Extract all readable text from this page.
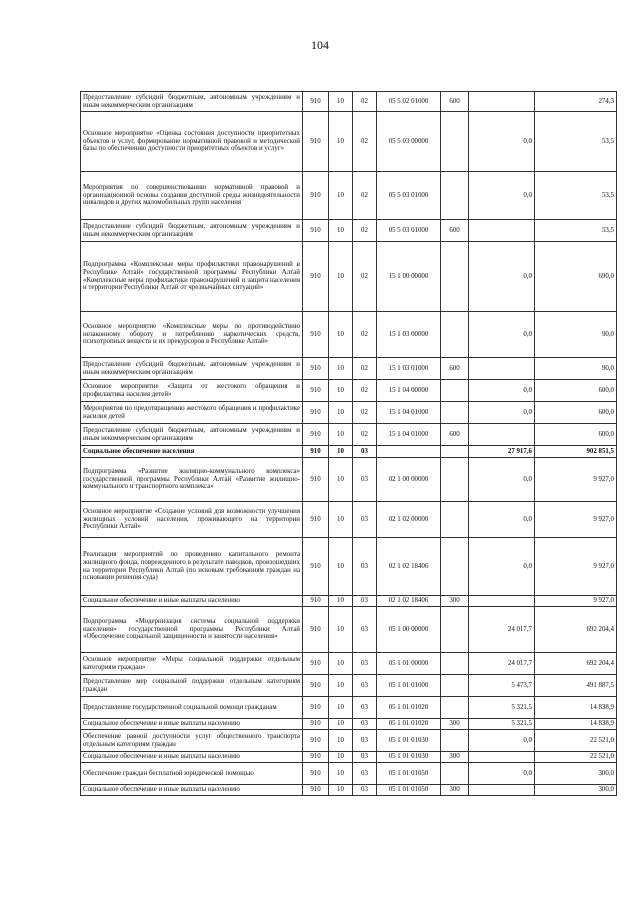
104
Предоставление субсидий бюджетным, автономным учреждениям и иным некоммерческим организациям	910	10	02	05 5 02 01000	600		274,3
Основное мероприятие «Оценка состояния доступности приоритетных объектов и услуг, формирование нормативной правовой и методической базы по обеспечению доступности приоритетных объектов и услуг»	910	10	02	05 5 03 00000		0,0	53,5
Мероприятия по совершенствованию нормативной правовой и организационной основы создания доступной среды жизнедеятельности инвалидов и других маломобильных групп населения	910	10	02	05 5 03 01000		0,0	53,5
Предоставление субсидий бюджетным, автономным учреждениям и иным некоммерческим организациям	910	10	02	05 5 03 01000	600		53,5
Подпрограмма «Комплексные меры профилактики правонарушений в Республике Алтай» государственной программы Республики Алтай «Комплексные меры профилактики правонарушений и защита населения и территории Республики Алтай от чрезвычайных ситуаций»	910	10	02	15 1 00 00000		0,0	690,0
Основное мероприятие «Комплексные меры по противодействию незаконному обороту и потреблению наркотических средств, психотропных веществ и их прекурсоров в Республике Алтай»	910	10	02	15 1 03 00000		0,0	90,0
Предоставление субсидий бюджетным, автономным учреждениям и иным некоммерческим организациям	910	10	02	15 1 03 01000	600		90,0
Основное мероприятие «Защита от жестокого обращения и профилактика насилия детей»	910	10	02	15 1 04 00000		0,0	600,0
Мероприятия по предотвращению жестокого обращения и профилактике насилия детей	910	10	02	15 1 04 01000		0,0	600,0
Предоставление субсидий бюджетным, автономным учреждениям и иным некоммерческим организациям	910	10	02	15 1 04 01000	600		600,0
Социальное обеспечение населения	910	10	03			27 917,6	902 851,5
Подпрограмма «Развитие жилищно-коммунального комплекса» государственной программы Республики Алтай «Развитие жилищно-коммунального и транспортного комплекса»	910	10	03	02 1 00 00000		0,0	9 927,0
Основное мероприятие «Создание условий для возможности улучшения жилищных условий населения, проживающего на территории Республики Алтай»	910	10	03	02 1 02 00000		0,0	9 927,0
Реализация мероприятий по проведению капитального ремонта жилищного фонда, поврежденного в результате паводков, произошедших на территории Республики Алтай (по исковым требованиям граждан на основании решения суда)	910	10	03	02 1 02 18406		0,0	9 927,0
Социальное обеспечение и иные выплаты населению	910	10	03	02 1 02 18406	300		9 927,0
Подпрограмма «Модернизация системы социальной поддержки населения» государственной программы Республики Алтай «Обеспечение социальной защищенности и занятости населения»	910	10	03	05 1 00 00000		24 017,7	692 204,4
Основное мероприятие «Меры социальной поддержки отдельным категориям граждан»	910	10	03	05 1 01 00000		24 017,7	692 204,4
Предоставление мер социальной поддержки отдельным категориям граждан	910	10	03	05 1 01 01000		5 473,7	491 887,5
Предоставление государственной социальной помощи гражданам	910	10	03	05 1 01 01020		5 321,5	14 838,9
Социальное обеспечение и иные выплаты населению	910	10	03	05 1 01 01020	300	5 321,5	14 838,9
Обеспечение равной доступности услуг общественного транспорта отдельным категориям граждан	910	10	03	05 1 01 01030		0,0	22 521,0
Социальное обеспечение и иные выплаты населению	910	10	03	05 1 01 01030	300		22 521,0
Обеспечение граждан бесплатной юридической помощью	910	10	03	05 1 01 01050		0,0	300,0
Социальное обеспечение и иные выплаты населению	910	10	03	05 1 01 01050	300		300,0
